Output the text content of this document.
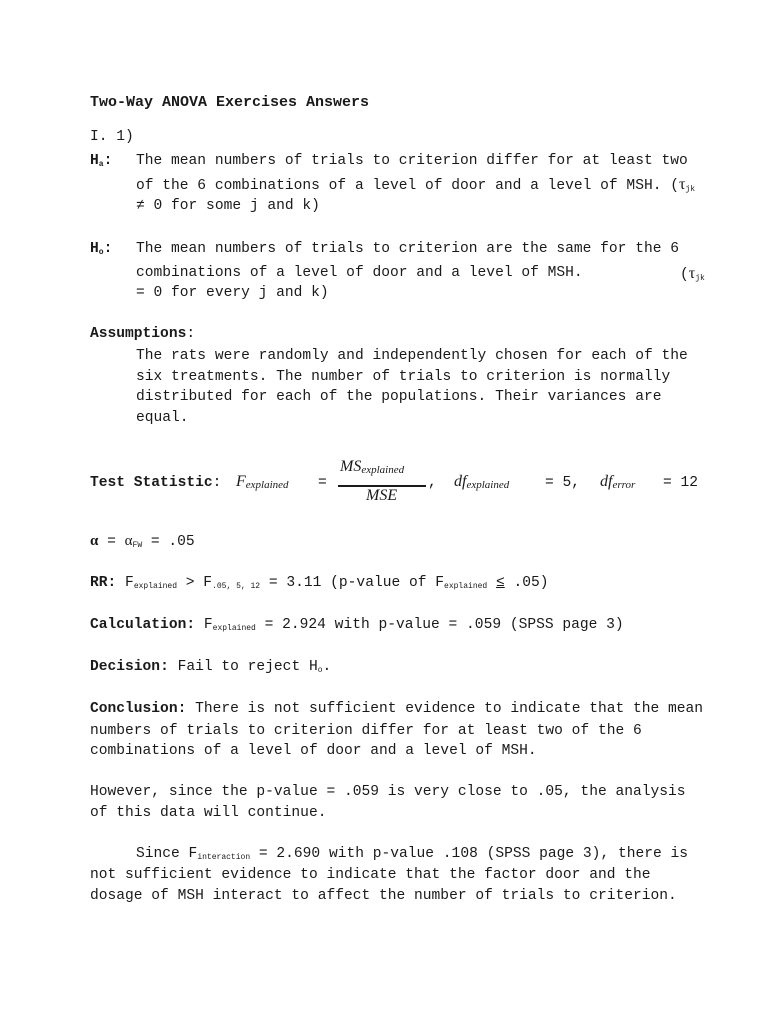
Two-Way ANOVA Exercises Answers
I. 1)
$H_a$: The mean numbers of trials to criterion differ for at least two
of the 6 combinations of a level of door and a level of MSH. ($\tau_{jk}$
≠ 0 for some j and k)
$H_o$: The mean numbers of trials to criterion are the same for the 6
combinations of a level of door and a level of MSH.	($\tau_{jk}$
= 0 for every j and k)
Assumptions:
The rats were randomly and independently chosen for each of the
six treatments. The number of trials to criterion is normally
distributed for each of the populations. Their variances are
equal.
Test Statistic: $F_{explained}$ =
$MS_{explained}$
MSE
, $df_{explained} = 5$, $df_{error} = 12$
$\alpha = \alpha_{FW} = .05$
RR: $F_{explained} > F_{.05, 5, 12} = 3.11$ (p-value of $F_{explained} \le .05$)
Calculation: $F_{explained} = 2.924$ with p-value = .059 (SPSS page 3)
Decision: Fail to reject $H_o$.
Conclusion: There is not sufficient evidence to indicate that the mean
numbers of trials to criterion differ for at least two of the 6
combinations of a level of door and a level of MSH.
However, since the p-value = .059 is very close to .05, the analysis
of this data will continue.
Since $F_{interaction} = 2.690$ with p-value .108 (SPSS page 3), there is
not sufficient evidence to indicate that the factor door and the
dosage of MSH interact to affect the number of trials to criterion.
